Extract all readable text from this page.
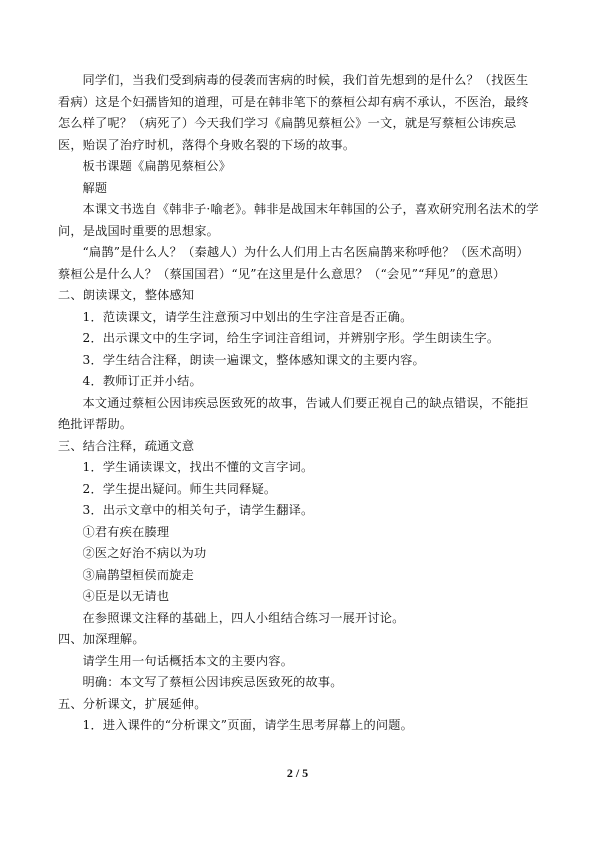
同学们，当我们受到病毒的侵袭而害病的时候，我们首先想到的是什么？（找医生看病）这是个妇孺皆知的道理，可是在韩非笔下的蔡桓公却有病不承认，不医治，最终怎么样了呢？（病死了）今天我们学习《扁鹊见蔡桓公》一文，就是写蔡桓公讳疾忌医，贻误了治疗时机，落得个身败名裂的下场的故事。

板书课题《扁鹊见蔡桓公》

解题

本课文书选自《韩非子·喻老》。韩非是战国末年韩国的公子，喜欢研究刑名法术的学问，是战国时重要的思想家。

“扁鹊”是什么人？（秦越人）为什么人们用上古名医扁鹊来称呼他？（医术高明）蔡桓公是什么人？（蔡国国君）“见”在这里是什么意思？（“会见”“拜见”的意思）

二、朗读课文，整体感知

1．范读课文，请学生注意预习中划出的生字注音是否正确。

2．出示课文中的生字词，给生字词注音组词，并辨别字形。学生朗读生字。

3．学生结合注释，朗读一遍课文，整体感知课文的主要内容。

4．教师订正并小结。

本文通过蔡桓公因讳疾忌医致死的故事，告诫人们要正视自己的缺点错误，不能拒绝批评帮助。

三、结合注释，疏通文意

1．学生诵读课文，找出不懂的文言字词。

2．学生提出疑问。师生共同释疑。

3．出示文章中的相关句子，请学生翻译。

①君有疾在腠理

②医之好治不病以为功

③扁鹊望桓侯而旋走

④臣是以无请也

在参照课文注释的基础上，四人小组结合练习一展开讨论。

四、加深理解。

请学生用一句话概括本文的主要内容。

明确：本文写了蔡桓公因讳疾忌医致死的故事。

五、分析课文，扩展延伸。

1．进入课件的“分析课文”页面，请学生思考屏幕上的问题。

2 / 5
